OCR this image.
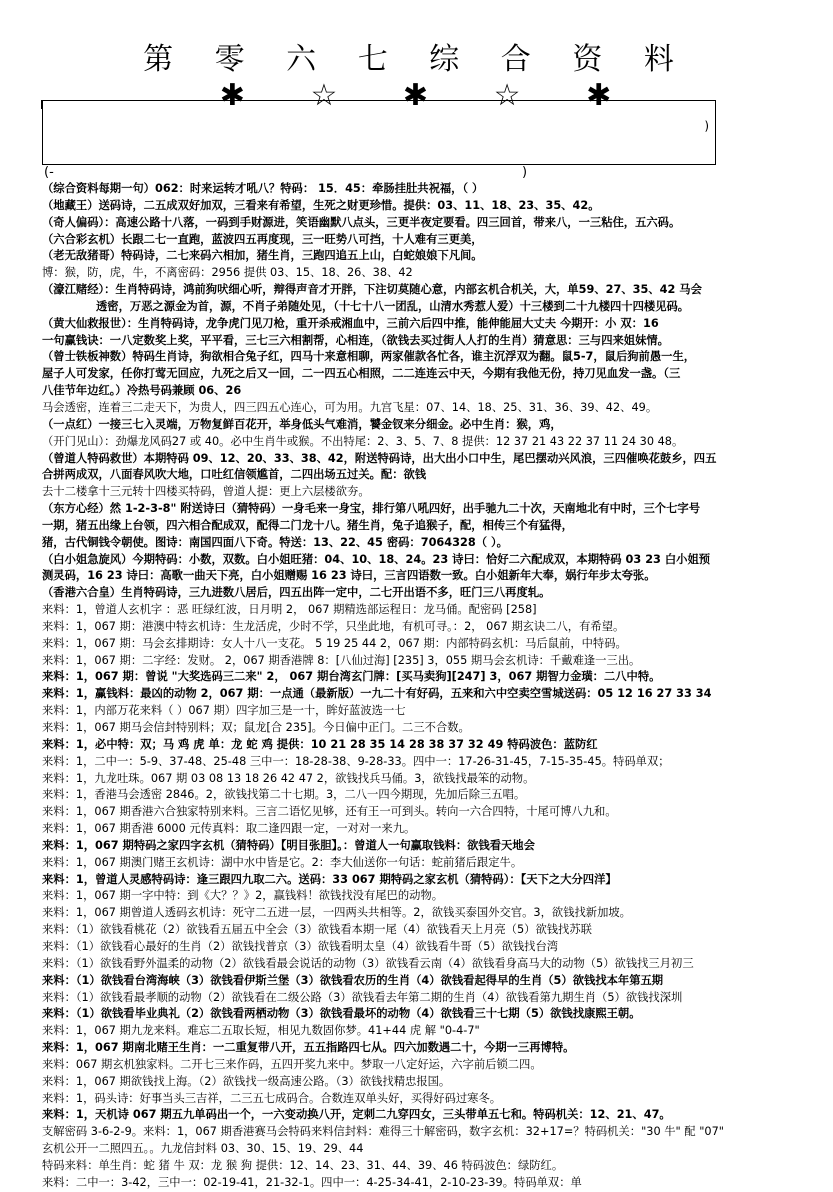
第 零 六 七 综 合 资 料
✱ ☆ ✱ ☆ ✱
)
(-	)
（综合资料每期一句）062：时来运转才吼八？特码： 15．45：牵肠挂肚共祝福，（ ）
（地藏王）送码诗，二五成双好加双，三看来有希望，生死之财更珍惜。提供：03、11、18、23、35、42。
（奇人偏码）：高速公路十八落，一码到手财源进，笑语幽默八点头，三更半夜定要看。四三回首，带来八，一三粘住，五六码。
（六合彩玄机）长跟二七一直跑，蓝波四五再度现，三一旺势八可挡，十人难有三更美，
（老无敌猪哥）特码诗，二七来码六相加，猪生肖，三跑四追五上山，白蛇娘娘下凡间。
博：猴，防，虎，牛，不离密码：2956 提供 03、15、18、26、38、42
（濠江赌经）：生肖特码诗，鸿前狗吠细心听，辩得声音才开胖，下注切莫随心意，内部玄机合机关，大，单59、27、35、42 马会
透密，万恶之源金为首，源，不肖子弟随处见，（十七十八一团乱，山清水秀惹人爱）十三楼到二十九楼四十四楼见码。
（黄大仙救报世）：生肖特码诗，龙争虎门见刀枪，重开杀戒湘血中，三前六后四中推，能伸能屈大丈夫 今期开：小 双：16
一句赢钱诀：一八定数奖上奖，平平看，三七三六相割帮，心相连，（欲钱去买过街人人打的生肖）猜意思：三与四来姐妹情。
（曾士铁板神数）特码生肖诗，狗欲相合兔子红，四马十来意相聊，两家催款各忙各，谁主沉浮双为翻。鼠5-7，鼠后狗前愚一生，
屋子人可发家，任你打莺无回应，九死之后又一回，二一四五心相照，二二连连云中天，今期有我他无份，持刀见血发一盏。（三
八佳节年边红。）冷热号码兼顾 06、26
马会透密，连着三二走天下，为贵人，四三四五心连心，可为用。九宫飞星：07、14、18、25、31、36、39、42、49。
（一点红）一接三七入灵端，万物复鲜百花开，举身低头气难消，饕金钗来分细金。必中生肖：猴，鸡，
（开门见山）：劲爆龙风码27 或 40。必中生肖牛或猴。不出特尾：2、3、5、7、8 提供：12 37 21 43 22 37 11 24 30 48。
（曾道人特码救世）本期特码 09、12、20、33、38、42，附送特码诗，出大出小口中生，尾巴摆动兴风浪，三四催唤花鼓乡，四五
合拼两成双，八面春风吹大地，口吐红信领尴首，二四出场五过关。配：欲钱
去十二楼拿十三元转十四楼买特码，曾道人提：更上六层楼欲夯。
（东方心经）然 1-2-3-8" 附送诗曰（猜特码）一身毛来一身宝，排行第八吼四好，出手驰九二十次，天南地北有中时，三个七字号
一期，猪五出缘上台领，四六相合配成双，配得二门龙十八。猪生肖，兔子追猴子，配，相传三个有猛得，
猪，古代铜钱令朝使。图诗：南国四面八下奇。特送：13、22、45 密码：7064328（ ）。
（白小姐急旋风）今期特码：小数，双数。白小姐旺猪：04、10、18、24。23 诗曰：恰好二六配成双，本期特码 03 23 白小姐预
测灵码，16 23 诗曰：高歌一曲天下亮，白小姐赠赐 16 23 诗曰，三言四语数一致。白小姐新年大奉，娲行年步太夸张。
（香港六合皇）生肖特码诗，三九进数八居后，四五出阵一定中，二七开出语不多，旺门三八再度轧。
来料：1，曾道人玄机字 ：恶 旺绿红波，日月明 2， 067 期精选部运程日：龙马俑。配密码 [258]
来料：1，067 期：港澳中特玄机诗：生龙活虎，少时不学，只坐此地，有机可寻。：2， 067 期玄诀二八，有希望。
来料：1，067 期：马会玄排期诗：女人十八一支花。 5 19 25 44 2，067 期：内部特码玄机：马后鼠前，中特码。
来料：1，067 期：二字经：发财。 2，067 期香港牌 8：[八仙过海] [235] 3，055 期马会玄机诗：千戴难逢一三出。
来料：1，067 期：曾说 "大奖选码三二来" 2， 067 期台湾玄门牌：[买马卖狗][247] 3，067 期智力金璜：二八中特。
来料：1，赢钱料：最凶的动物 2，067 期：一点通（最新版）一九二十有好码，五来和六中空卖空雪城送码：05 12 16 27 33 34
来料：1，内部万花来料（ ）067 期）四字加三是一十，眸好蓝波选一七
来料：1，067 期马会信封特别料；双；鼠龙[合 235]。今日偏中正门。二三不合数。
来料：1，必中特：双；马 鸡 虎 单：龙 蛇 鸡 提供：10 21 28 35 14 28 38 37 32 49 特码波色：蓝防红
来料：1，二中一：5-9、37-48、25-48 三中一：18-28-38、9-28-33。四中一：17-26-31-45，7-15-35-45。特码单双；
来料：1，九龙吐珠。067 期 03 08 13 18 26 42 47 2，欲钱找兵马俑。3，欲钱找最笨的动物。
来料：1，香港马会透密 2846。2，欲钱找第二十七期。3，二八一四今期现，先加后除三五唱。
来料：1，067 期香港六合独家特别来料。三言二语忆见够，还有王一可到头。转向一六合四特，十尾可博八九和。
来料：1，067 期香港 6000 元传真料：取二逢四跟一定，一对对一来九。
来料：1，067 期特码之家四字玄机（猜特码）【明目张胆】。：曾道人一句赢取钱料：欲钱看天地会
来料：1，067 期澳门赌王玄机诗：湖中水中皆是它。2：李大仙送你一句话：蛇前猪后跟定牛。
来料：1，曾道人灵感特码诗：逢三跟四九取二六。送码：33 067 期特码之家玄机（猜特码）：【天下之大分四洋】
来料：1，067 期一字中特：到《大？？》2，赢钱料！欲钱找没有尾巴的动物。
来料：1，067 期曾道人透码玄机诗：死守二五进一层，一四两头共相等。2，欲钱买泰国外交官。3，欲钱找新加坡。
来料：（1）欲钱看桃花（2）欲钱看五届五中全会（3）欲钱看本期一尾（4）欲钱看天上月亮（5）欲钱找苏联
来料：（1）欲钱看心最好的生肖（2）欲钱找普京（3）欲钱看明太皇（4）欲钱看牛哥（5）欲钱找台湾
来料：（1）欲钱看野外温柔的动物（2）欲钱看最会说话的动物（3）欲钱看云南（4）欲钱看身高马大的动物（5）欲钱找三月初三
来料：（1）欲钱看台湾海峡（3）欲钱看伊斯兰堡（3）欲钱看农历的生肖（4）欲钱看起得早的生肖（5）欲钱找本年第五期
来料：（1）欲钱看最孝顺的动物（2）欲钱看在二级公路（3）欲钱看去年第二期的生肖（4）欲钱看第九期生肖（5）欲钱找深圳
来料：（1）欲钱看毕业典礼（2）欲钱看两栖动物（3）欲钱看最坏的动物（4）欲钱看三十七期（5）欲钱找康熙王朝。
来料：1，067 期九龙来料。难忘二五取长短，相见九数固你梦。41+44 虎 解 "0-4-7"
来料：1，067 期南北赌王生肖：一二重复带八开，五五指路四七从。四六加数遇二十，今期一三再博特。
来料：067 期玄机独家料。二开七三来作码，五四开奖九来中。梦取一八定好运，六字前后锁二四。
来料：1，067 期欲钱找上海。（2）欲钱找一级高速公路。（3）欲钱找精忠报国。
来料：1，码头诗：好事当头三吉祥，二三五七成码合。合数连双单头好，买得好码过寒冬。
来料：1，天机诗 067 期五九单码出一个，一六变动换八开，定刺二九穿四女，三头带单五七和。特码机关：12、21、47。
支解密码 3-6-2-9。来料：1，067 期香港赛马会特码来料信封料：难得三十解密码，数字玄机：32+17=？特码机关："30 牛" 配 "07"
玄机公开一二照四五。。九龙信封料 03、30、15、19、29、44
特码来料：单生肖：蛇 猪 牛 双：龙 猴 狗 提供：12、14、23、31、44、39、46 特码波色：绿防红。
来料：二中一：3-42，三中一：02-19-41，21-32-1。四中一：4-25-34-41，2-10-23-39。特码单双：单
